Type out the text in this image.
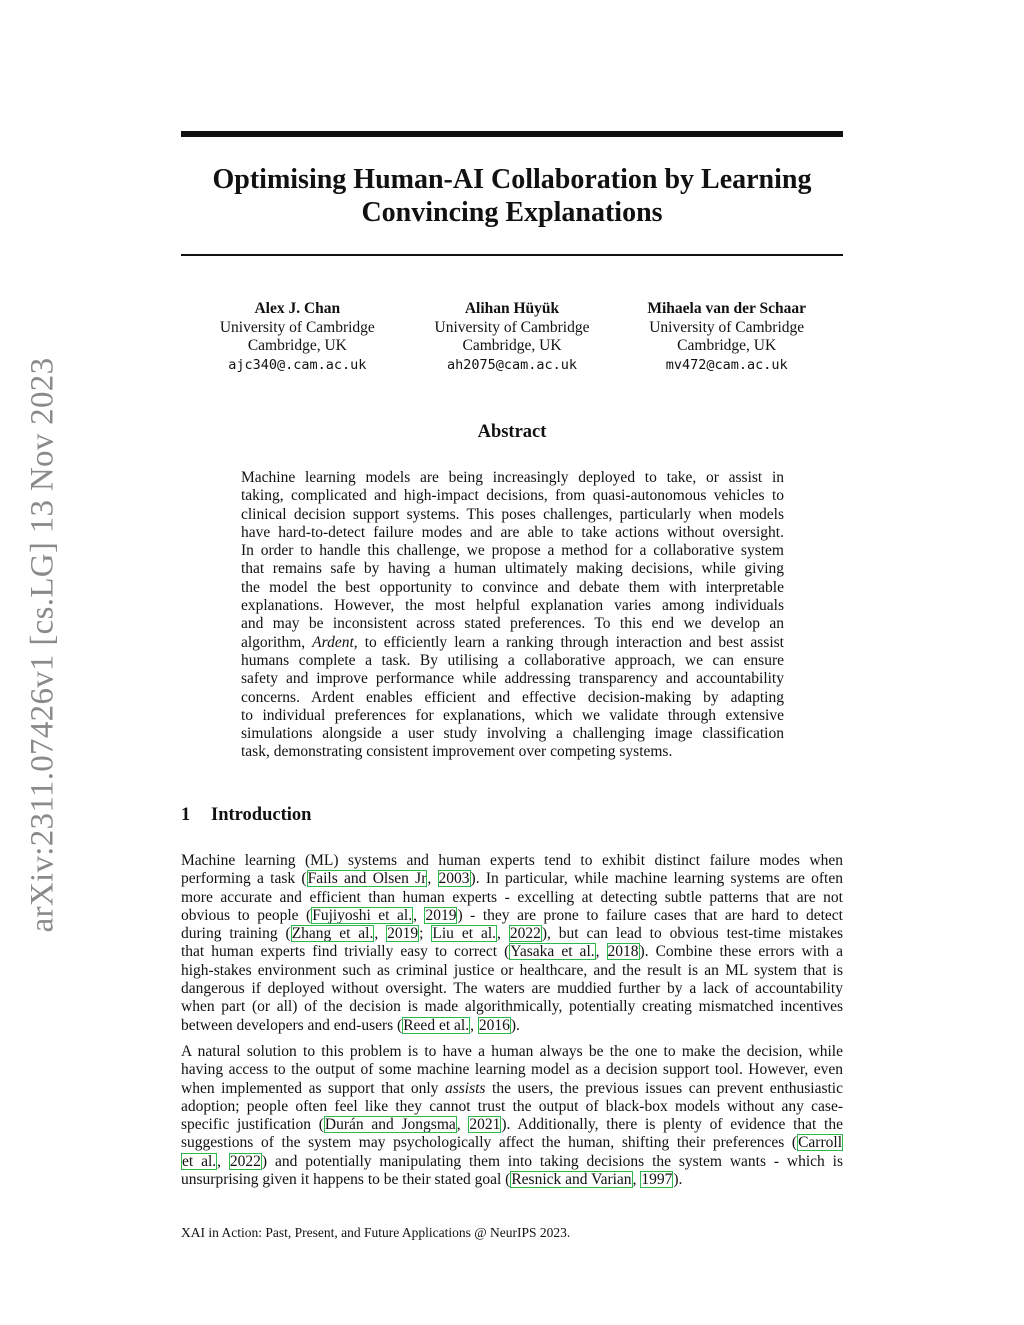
arXiv:2311.07426v1 [cs.LG] 13 Nov 2023
Optimising Human-AI Collaboration by Learning
Convincing Explanations
Alex J. Chan
University of Cambridge
Cambridge, UK
ajc340@.cam.ac.uk
Alihan Hüyük
University of Cambridge
Cambridge, UK
ah2075@cam.ac.uk
Mihaela van der Schaar
University of Cambridge
Cambridge, UK
mv472@cam.ac.uk
Abstract
Machine learning models are being increasingly deployed to take, or assist in
taking, complicated and high-impact decisions, from quasi-autonomous vehicles to
clinical decision support systems. This poses challenges, particularly when models
have hard-to-detect failure modes and are able to take actions without oversight.
In order to handle this challenge, we propose a method for a collaborative system
that remains safe by having a human ultimately making decisions, while giving
the model the best opportunity to convince and debate them with interpretable
explanations. However, the most helpful explanation varies among individuals
and may be inconsistent across stated preferences. To this end we develop an
algorithm, Ardent, to efficiently learn a ranking through interaction and best assist
humans complete a task. By utilising a collaborative approach, we can ensure
safety and improve performance while addressing transparency and accountability
concerns. Ardent enables efficient and effective decision-making by adapting
to individual preferences for explanations, which we validate through extensive
simulations alongside a user study involving a challenging image classification
task, demonstrating consistent improvement over competing systems.
1 Introduction
Machine learning (ML) systems and human experts tend to exhibit distinct failure modes when
performing a task (Fails and Olsen Jr, 2003). In particular, while machine learning systems are often
more accurate and efficient than human experts - excelling at detecting subtle patterns that are not
obvious to people (Fujiyoshi et al., 2019) - they are prone to failure cases that are hard to detect
during training (Zhang et al., 2019; Liu et al., 2022), but can lead to obvious test-time mistakes
that human experts find trivially easy to correct (Yasaka et al., 2018). Combine these errors with a
high-stakes environment such as criminal justice or healthcare, and the result is an ML system that is
dangerous if deployed without oversight. The waters are muddied further by a lack of accountability
when part (or all) of the decision is made algorithmically, potentially creating mismatched incentives
between developers and end-users (Reed et al., 2016).
A natural solution to this problem is to have a human always be the one to make the decision, while
having access to the output of some machine learning model as a decision support tool. However, even
when implemented as support that only assists the users, the previous issues can prevent enthusiastic
adoption; people often feel like they cannot trust the output of black-box models without any case-
specific justification (Durán and Jongsma, 2021). Additionally, there is plenty of evidence that the
suggestions of the system may psychologically affect the human, shifting their preferences (Carroll
et al., 2022) and potentially manipulating them into taking decisions the system wants - which is
unsurprising given it happens to be their stated goal (Resnick and Varian, 1997).
XAI in Action: Past, Present, and Future Applications @ NeurIPS 2023.
